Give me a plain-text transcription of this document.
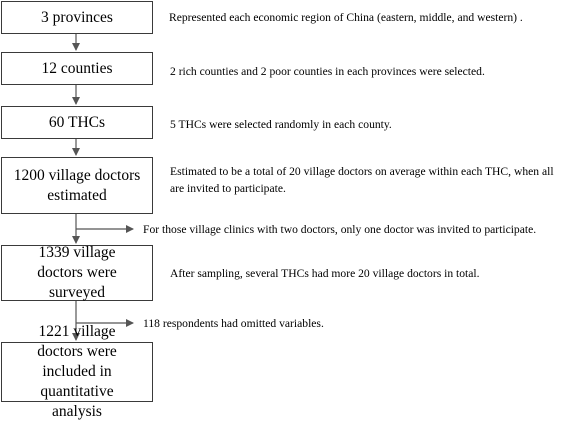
3 provinces	Represented each economic region of China (eastern, middle, and western) .
12 counties	2 rich counties and 2 poor counties in each provinces were selected.
60 THCs	5 THCs were selected randomly in each county.
1200 village doctors estimated
Estimated to be a total of 20 village doctors on average within each THC, when all are invited to participate.
For those village clinics with two doctors, only one doctor was invited to participate.
1339 village doctors were surveyed
After sampling, several THCs had more 20 village doctors in total.
118 respondents had omitted variables.
1221 village doctors were included in quantitative analysis
